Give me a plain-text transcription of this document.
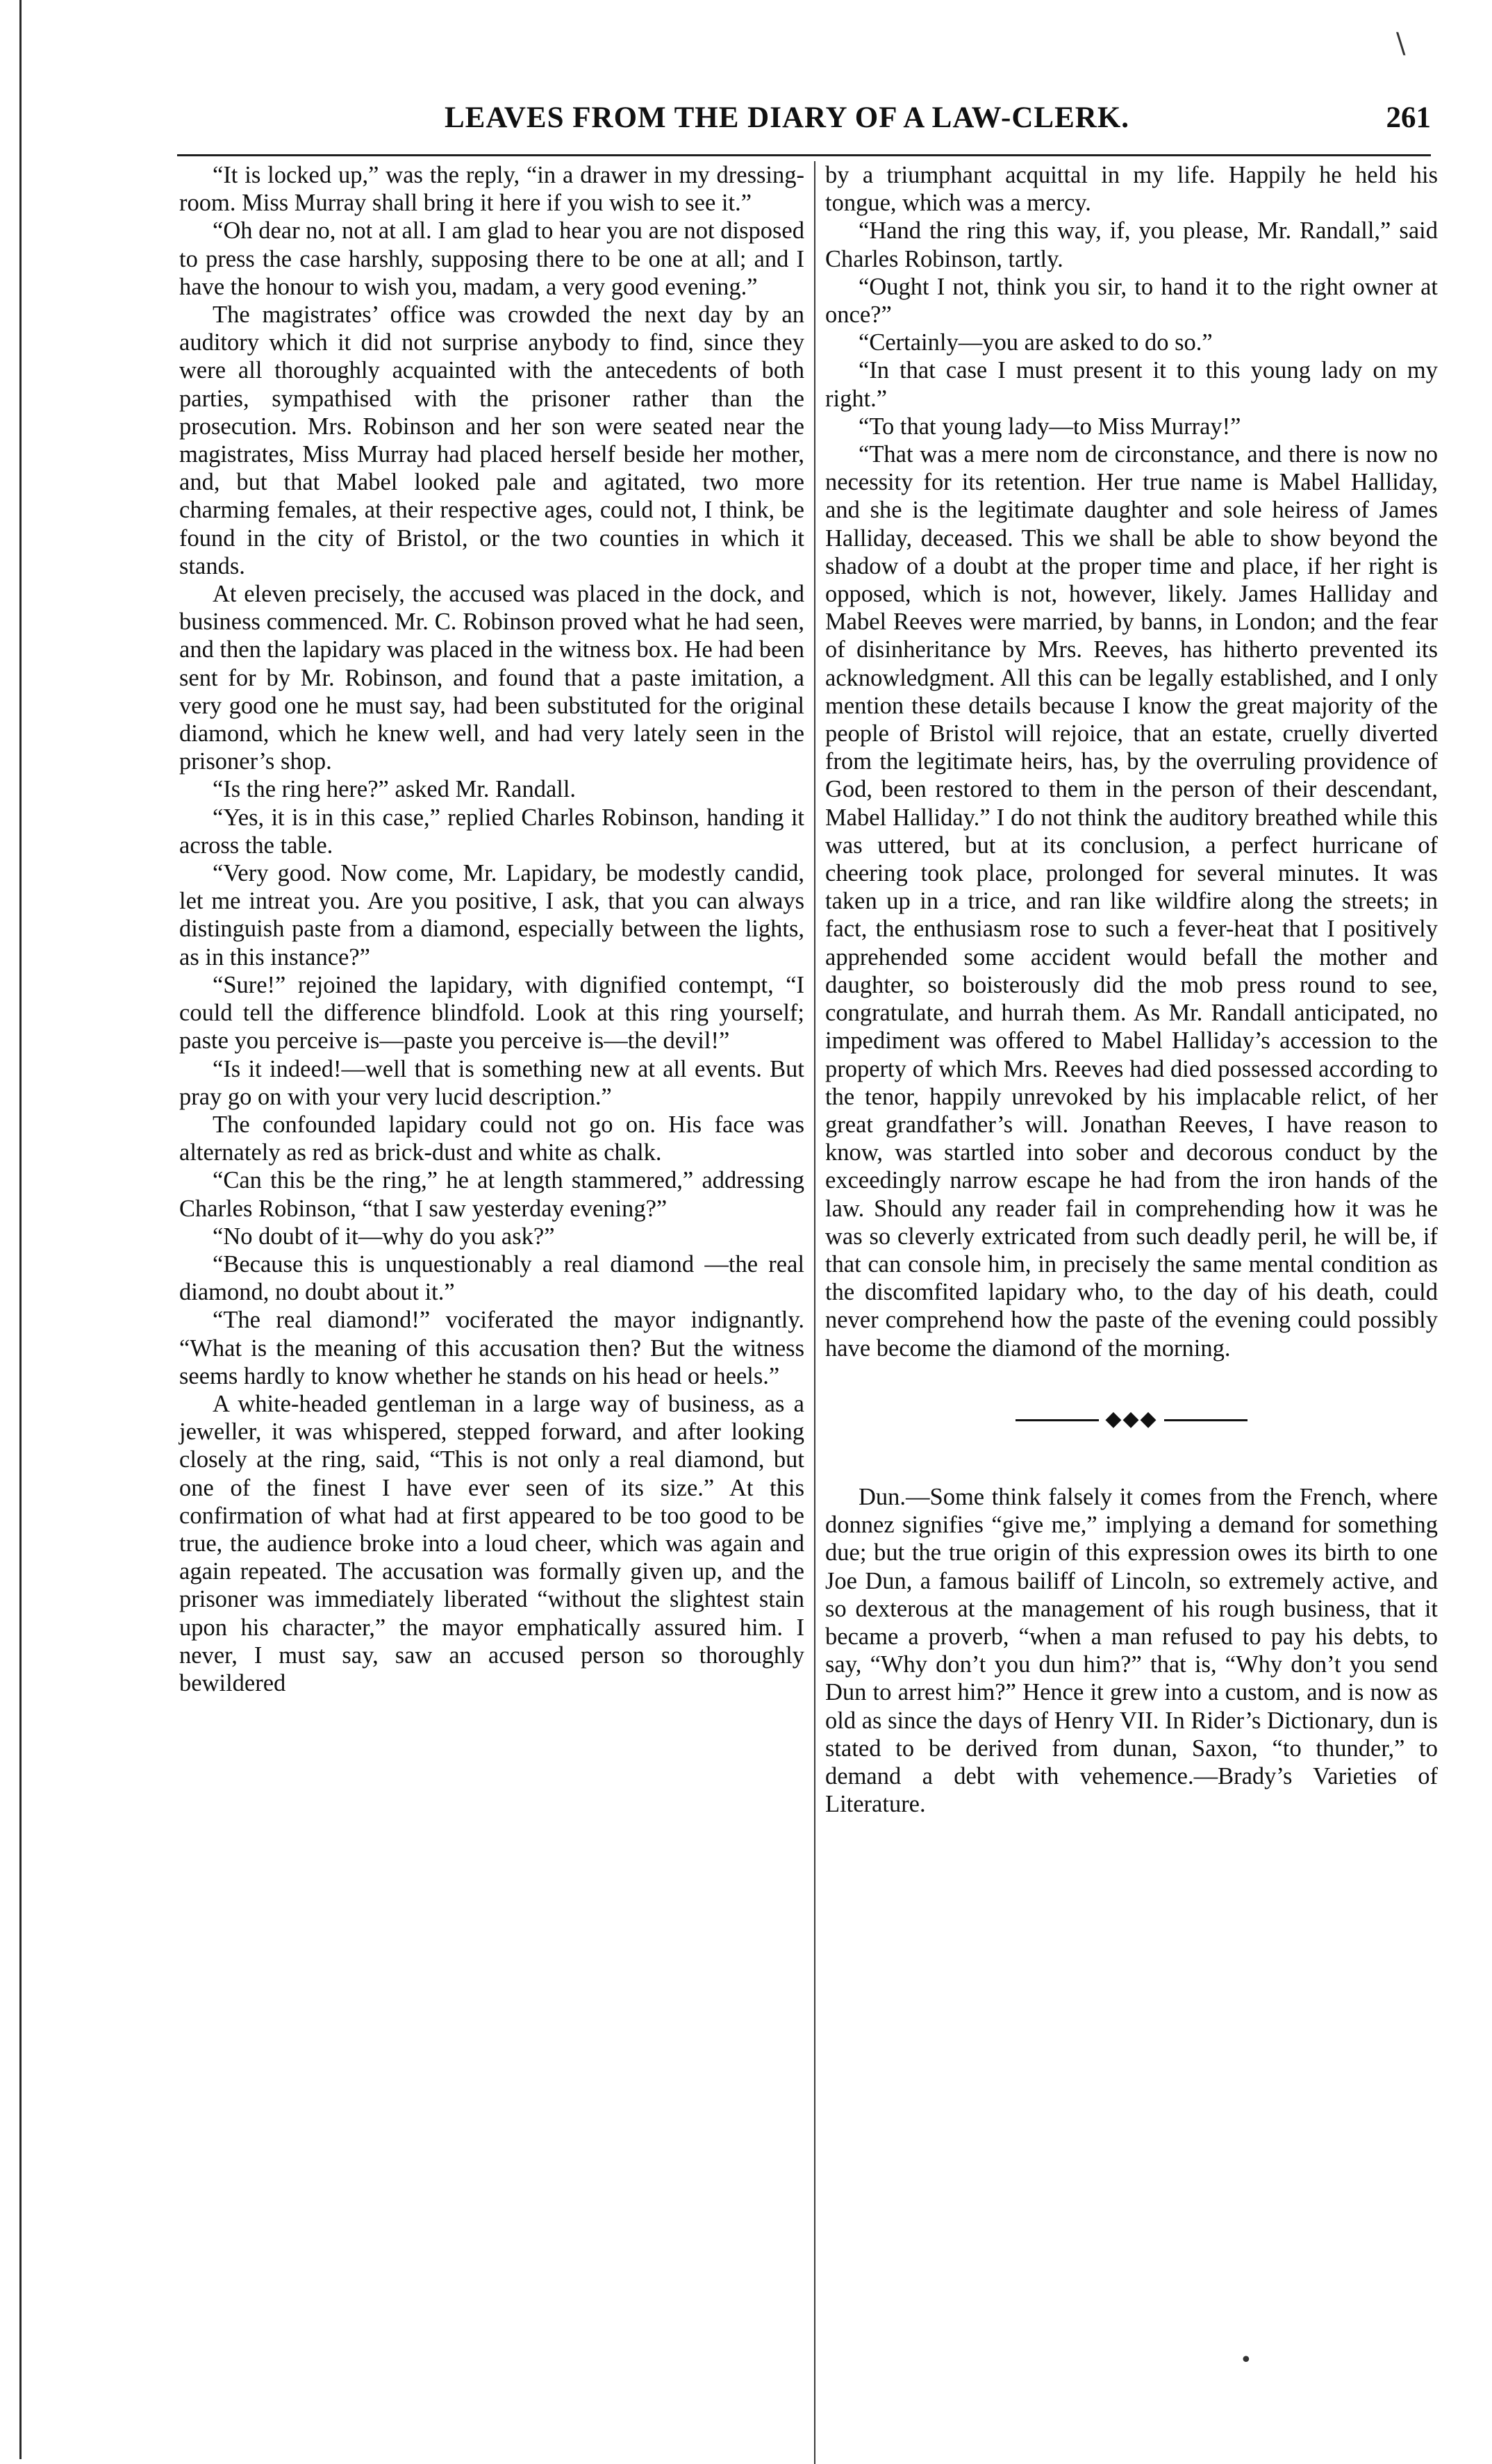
\
•
LEAVES FROM THE DIARY OF A LAW-CLERK.	261

“It is locked up,” was the reply, “in a drawer in my dressing-room. Miss Murray shall bring it here if you wish to see it.”

“Oh dear no, not at all. I am glad to hear you are not disposed to press the case harshly, supposing there to be one at all; and I have the honour to wish you, madam, a very good evening.”

The magistrates’ office was crowded the next day by an auditory which it did not surprise anybody to find, since they were all thoroughly acquainted with the antecedents of both parties, sympathised with the prisoner rather than the prosecution. Mrs. Robinson and her son were seated near the magistrates, Miss Murray had placed herself beside her mother, and, but that Mabel looked pale and agitated, two more charming females, at their respective ages, could not, I think, be found in the city of Bristol, or the two counties in which it stands.

At eleven precisely, the accused was placed in the dock, and business commenced. Mr. C. Robinson proved what he had seen, and then the lapidary was placed in the witness box. He had been sent for by Mr. Robinson, and found that a paste imitation, a very good one he must say, had been substituted for the original diamond, which he knew well, and had very lately seen in the prisoner’s shop.

“Is the ring here?” asked Mr. Randall.

“Yes, it is in this case,” replied Charles Robinson, handing it across the table.

“Very good. Now come, Mr. Lapidary, be modestly candid, let me intreat you. Are you positive, I ask, that you can always distinguish paste from a diamond, especially between the lights, as in this instance?”

“Sure!” rejoined the lapidary, with dignified contempt, “I could tell the difference blindfold. Look at this ring yourself; paste you perceive is—paste you perceive is—the devil!”

“Is it indeed!—well that is something new at all events. But pray go on with your very lucid description.”

The confounded lapidary could not go on. His face was alternately as red as brick-dust and white as chalk.

“Can this be the ring,” he at length stammered,” addressing Charles Robinson, “that I saw yesterday evening?”

“No doubt of it—why do you ask?”

“Because this is unquestionably a real diamond —the real diamond, no doubt about it.”

“The real diamond!” vociferated the mayor indignantly. “What is the meaning of this accusation then? But the witness seems hardly to know whether he stands on his head or heels.”

A white-headed gentleman in a large way of business, as a jeweller, it was whispered, stepped forward, and after looking closely at the ring, said, “This is not only a real diamond, but one of the finest I have ever seen of its size.” At this confirmation of what had at first appeared to be too good to be true, the audience broke into a loud cheer, which was again and again repeated. The accusation was formally given up, and the prisoner was immediately liberated “without the slightest stain upon his character,” the mayor emphatically assured him. I never, I must say, saw an accused person so thoroughly bewildered

by a triumphant acquittal in my life. Happily he held his tongue, which was a mercy.

“Hand the ring this way, if, you please, Mr. Randall,” said Charles Robinson, tartly.

“Ought I not, think you sir, to hand it to the right owner at once?”

“Certainly—you are asked to do so.”

“In that case I must present it to this young lady on my right.”

“To that young lady—to Miss Murray!”

“That was a mere nom de circonstance, and there is now no necessity for its retention. Her true name is Mabel Halliday, and she is the legitimate daughter and sole heiress of James Halliday, deceased. This we shall be able to show beyond the shadow of a doubt at the proper time and place, if her right is opposed, which is not, however, likely. James Halliday and Mabel Reeves were married, by banns, in London; and the fear of disinheritance by Mrs. Reeves, has hitherto prevented its acknowledgment. All this can be legally established, and I only mention these details because I know the great majority of the people of Bristol will rejoice, that an estate, cruelly diverted from the legitimate heirs, has, by the overruling providence of God, been restored to them in the person of their descendant, Mabel Halliday.” I do not think the auditory breathed while this was uttered, but at its conclusion, a perfect hurricane of cheering took place, prolonged for several minutes. It was taken up in a trice, and ran like wildfire along the streets; in fact, the enthusiasm rose to such a fever-heat that I positively apprehended some accident would befall the mother and daughter, so boisterously did the mob press round to see, congratulate, and hurrah them. As Mr. Randall anticipated, no impediment was offered to Mabel Halliday’s accession to the property of which Mrs. Reeves had died possessed according to the tenor, happily unrevoked by his implacable relict, of her great grandfather’s will. Jonathan Reeves, I have reason to know, was startled into sober and decorous conduct by the exceedingly narrow escape he had from the iron hands of the law. Should any reader fail in comprehending how it was he was so cleverly extricated from such deadly peril, he will be, if that can console him, in precisely the same mental condition as the discomfited lapidary who, to the day of his death, could never comprehend how the paste of the evening could possibly have become the diamond of the morning.

◆◆◆

Dun.—Some think falsely it comes from the French, where donnez signifies “give me,” implying a demand for something due; but the true origin of this expression owes its birth to one Joe Dun, a famous bailiff of Lincoln, so extremely active, and so dexterous at the management of his rough business, that it became a proverb, “when a man refused to pay his debts, to say, “Why don’t you dun him?” that is, “Why don’t you send Dun to arrest him?” Hence it grew into a custom, and is now as old as since the days of Henry VII. In Rider’s Dictionary, dun is stated to be derived from dunan, Saxon, “to thunder,” to demand a debt with vehemence.—Brady’s Varieties of Literature.
